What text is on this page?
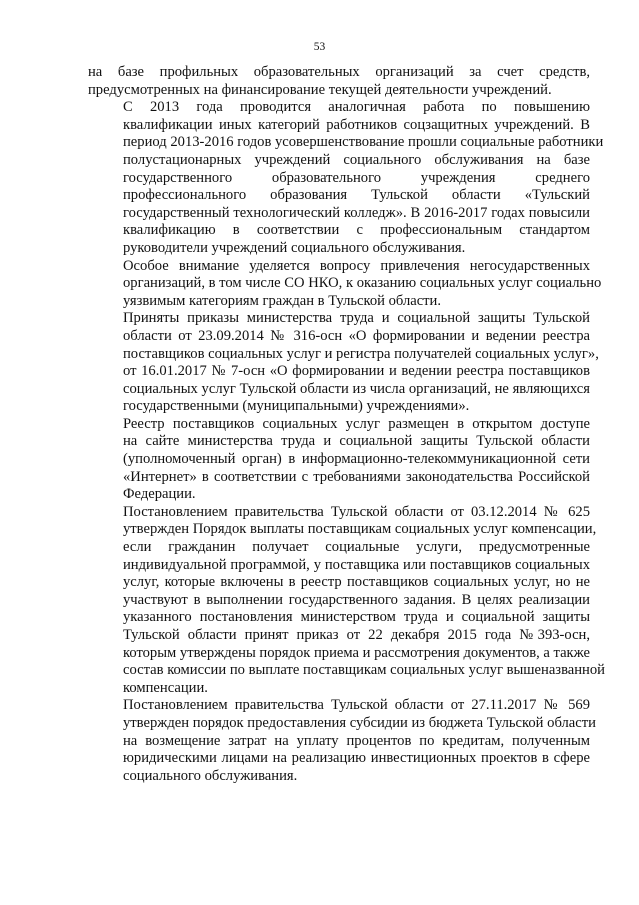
53

на базе профильных образовательных организаций за счет средств,
предусмотренных на финансирование текущей деятельности учреждений.

С 2013 года проводится аналогичная работа по повышению
квалификации иных категорий работников соцзащитных учреждений. В
период 2013-2016 годов усовершенствование прошли социальные работники
полустационарных учреждений социального обслуживания на базе
государственного образовательного учреждения среднего
профессионального образования Тульской области «Тульский
государственный технологический колледж». В 2016-2017 годах повысили
квалификацию в соответствии с профессиональным стандартом
руководители учреждений социального обслуживания.

Особое внимание уделяется вопросу привлечения негосударственных
организаций, в том числе СО НКО, к оказанию социальных услуг социально
уязвимым категориям граждан в Тульской области.

Приняты приказы министерства труда и социальной защиты Тульской
области от 23.09.2014 № 316-осн «О формировании и ведении реестра
поставщиков социальных услуг и регистра получателей социальных услуг»,
от 16.01.2017 № 7-осн «О формировании и ведении реестра поставщиков
социальных услуг Тульской области из числа организаций, не являющихся
государственными (муниципальными) учреждениями».

Реестр поставщиков социальных услуг размещен в открытом доступе
на сайте министерства труда и социальной защиты Тульской области
(уполномоченный орган) в информационно-телекоммуникационной сети
«Интернет» в соответствии с требованиями законодательства Российской
Федерации.

Постановлением правительства Тульской области от 03.12.2014 № 625
утвержден Порядок выплаты поставщикам социальных услуг компенсации,
если гражданин получает социальные услуги, предусмотренные
индивидуальной программой, у поставщика или поставщиков социальных
услуг, которые включены в реестр поставщиков социальных услуг, но не
участвуют в выполнении государственного задания. В целях реализации
указанного постановления министерством труда и социальной защиты
Тульской области принят приказ от 22 декабря 2015 года №393-осн,
которым утверждены порядок приема и рассмотрения документов, а также
состав комиссии по выплате поставщикам социальных услуг вышеназванной
компенсации.

Постановлением правительства Тульской области от 27.11.2017 № 569
утвержден порядок предоставления субсидии из бюджета Тульской области
на возмещение затрат на уплату процентов по кредитам, полученным
юридическими лицами на реализацию инвестиционных проектов в сфере
социального обслуживания.
